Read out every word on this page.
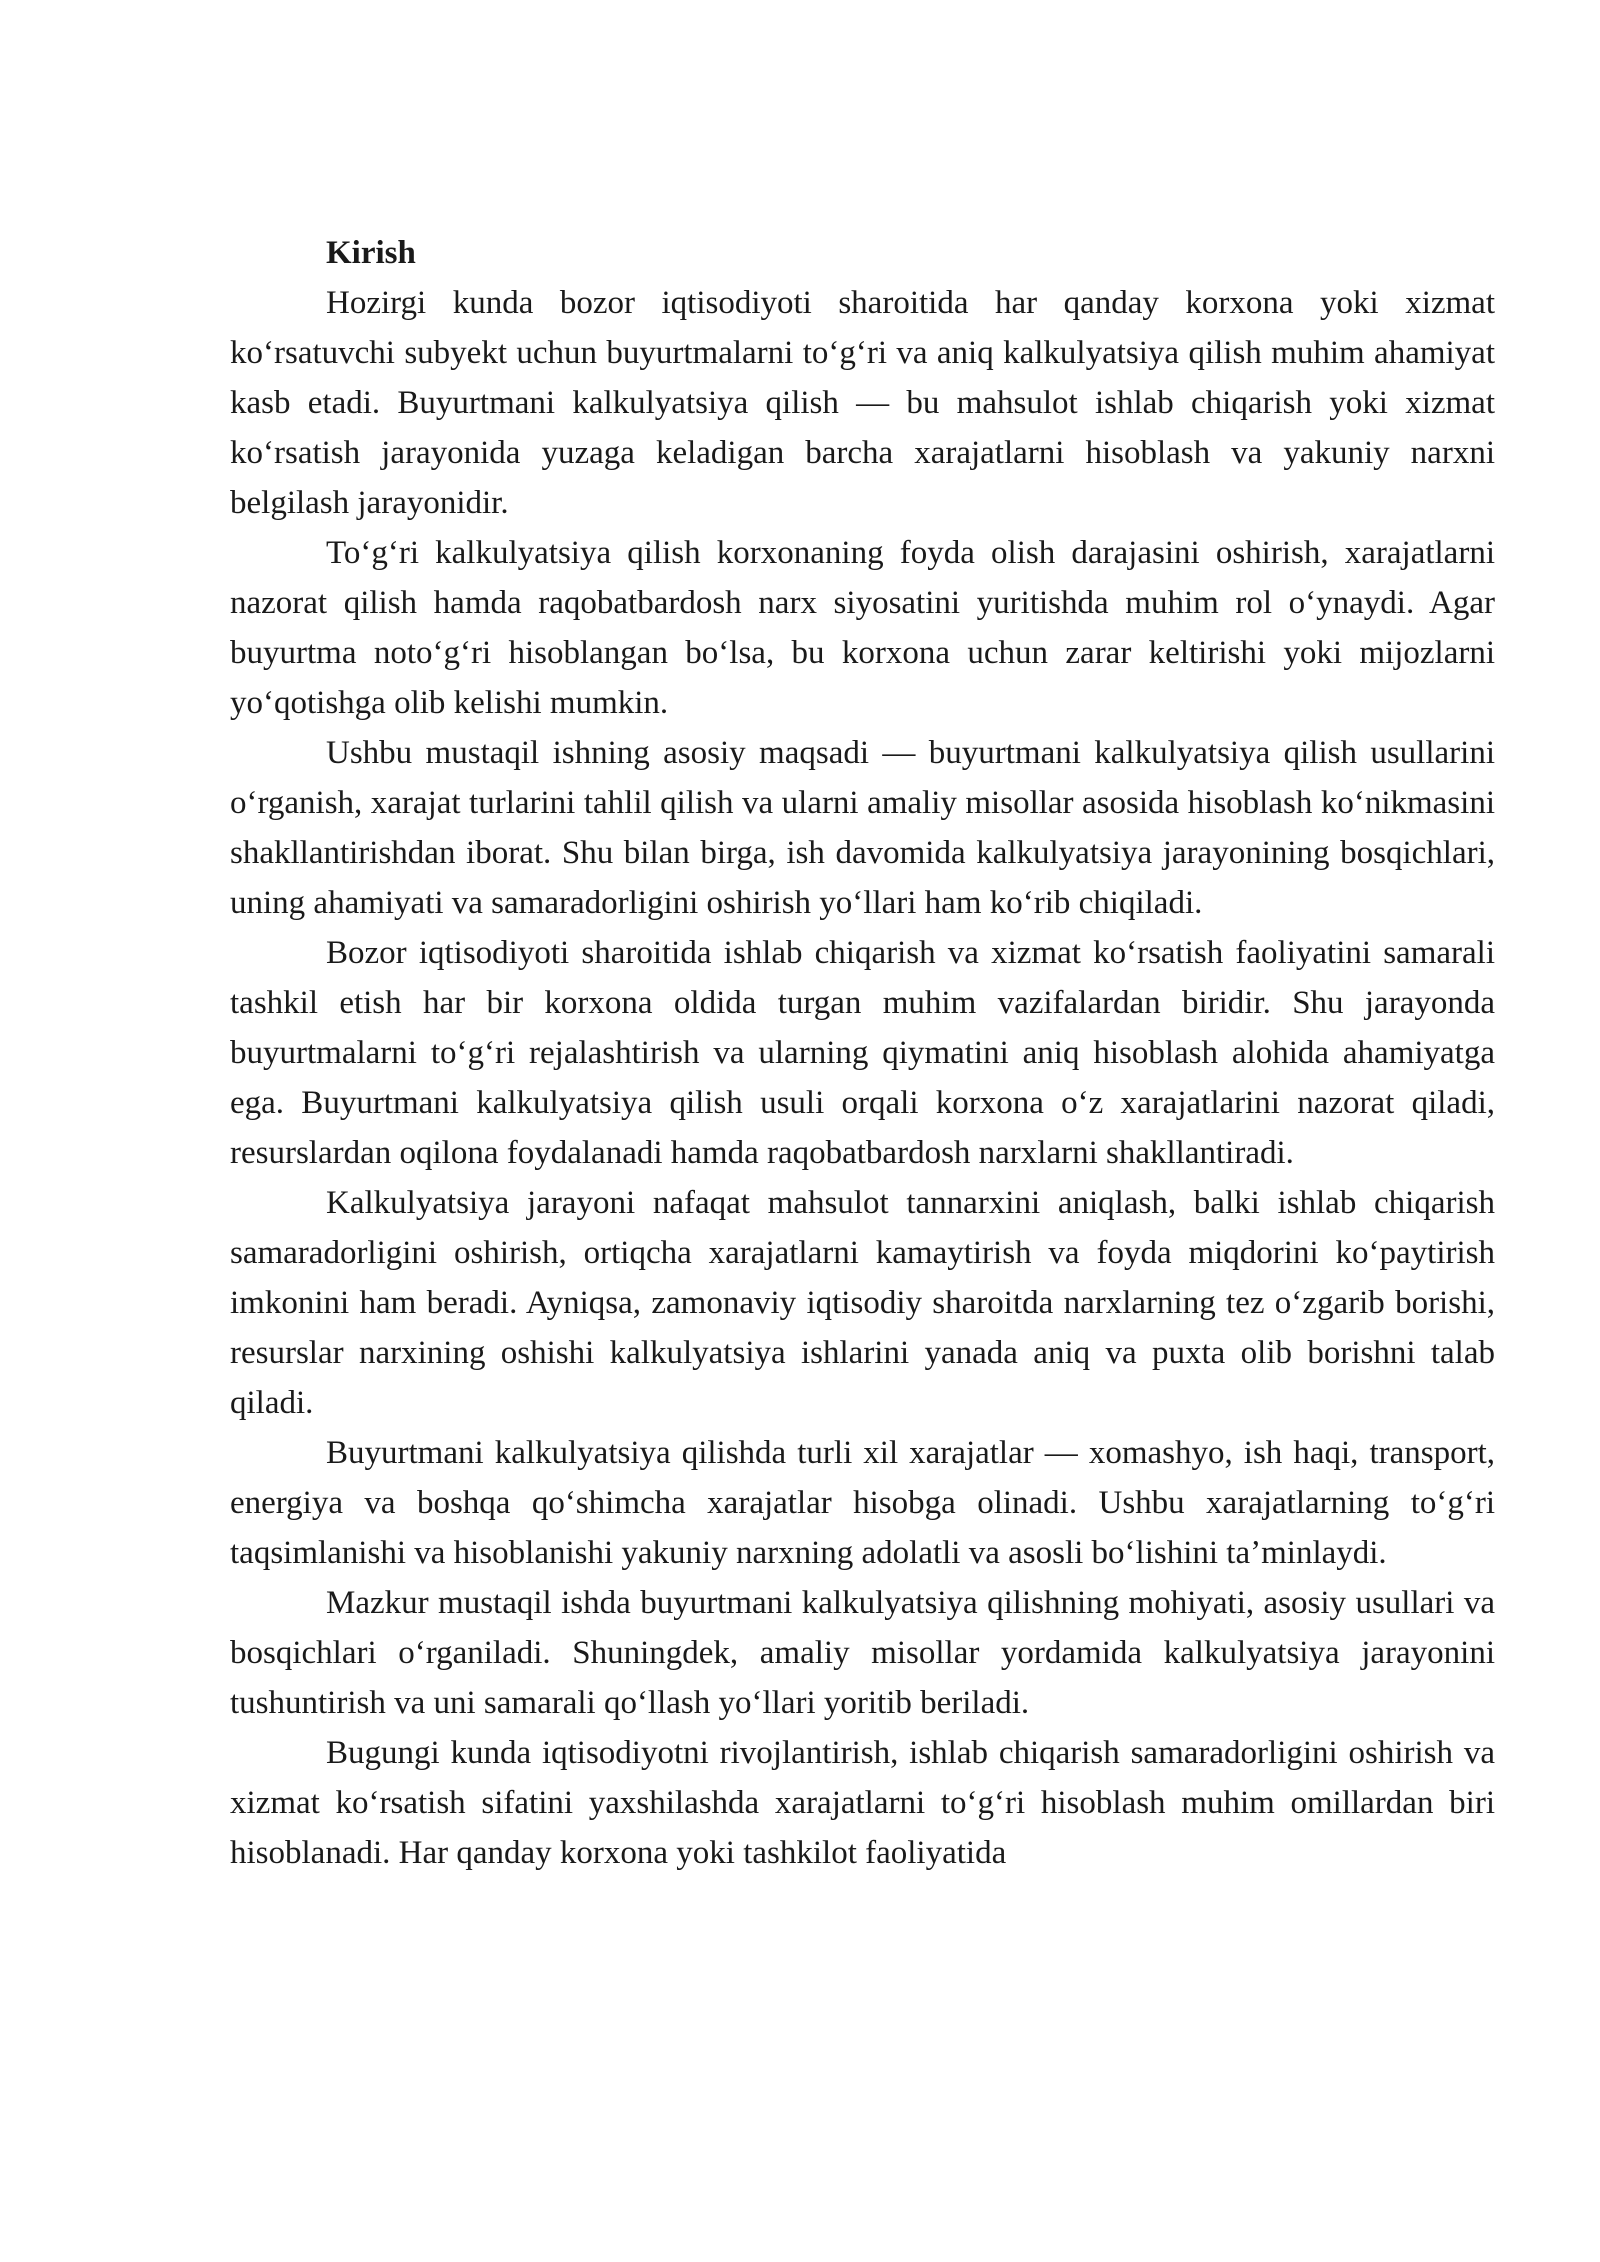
Kirish

Hozirgi kunda bozor iqtisodiyoti sharoitida har qanday korxona yoki xizmat koʻrsatuvchi subyekt uchun buyurtmalarni toʻgʻri va aniq kalkulyatsiya qilish muhim ahamiyat kasb etadi. Buyurtmani kalkulyatsiya qilish — bu mahsulot ishlab chiqarish yoki xizmat koʻrsatish jarayonida yuzaga keladigan barcha xarajatlarni hisoblash va yakuniy narxni belgilash jarayonidir.

Toʻgʻri kalkulyatsiya qilish korxonaning foyda olish darajasini oshirish, xarajatlarni nazorat qilish hamda raqobatbardosh narx siyosatini yuritishda muhim rol oʻynaydi. Agar buyurtma notoʻgʻri hisoblangan boʻlsa, bu korxona uchun zarar keltirishi yoki mijozlarni yoʻqotishga olib kelishi mumkin.

Ushbu mustaqil ishning asosiy maqsadi — buyurtmani kalkulyatsiya qilish usullarini oʻrganish, xarajat turlarini tahlil qilish va ularni amaliy misollar asosida hisoblash koʻnikmasini shakllantirishdan iborat. Shu bilan birga, ish davomida kalkulyatsiya jarayonining bosqichlari, uning ahamiyati va samaradorligini oshirish yoʻllari ham koʻrib chiqiladi.

Bozor iqtisodiyoti sharoitida ishlab chiqarish va xizmat koʻrsatish faoliyatini samarali tashkil etish har bir korxona oldida turgan muhim vazifalardan biridir. Shu jarayonda buyurtmalarni toʻgʻri rejalashtirish va ularning qiymatini aniq hisoblash alohida ahamiyatga ega. Buyurtmani kalkulyatsiya qilish usuli orqali korxona oʻz xarajatlarini nazorat qiladi, resurslardan oqilona foydalanadi hamda raqobatbardosh narxlarni shakllantiradi.

Kalkulyatsiya jarayoni nafaqat mahsulot tannarxini aniqlash, balki ishlab chiqarish samaradorligini oshirish, ortiqcha xarajatlarni kamaytirish va foyda miqdorini koʻpaytirish imkonini ham beradi. Ayniqsa, zamonaviy iqtisodiy sharoitda narxlarning tez oʻzgarib borishi, resurslar narxining oshishi kalkulyatsiya ishlarini yanada aniq va puxta olib borishni talab qiladi.

Buyurtmani kalkulyatsiya qilishda turli xil xarajatlar — xomashyo, ish haqi, transport, energiya va boshqa qoʻshimcha xarajatlar hisobga olinadi. Ushbu xarajatlarning toʻgʻri taqsimlanishi va hisoblanishi yakuniy narxning adolatli va asosli boʻlishini taʼminlaydi.

Mazkur mustaqil ishda buyurtmani kalkulyatsiya qilishning mohiyati, asosiy usullari va bosqichlari oʻrganiladi. Shuningdek, amaliy misollar yordamida kalkulyatsiya jarayonini tushuntirish va uni samarali qoʻllash yoʻllari yoritib beriladi.

Bugungi kunda iqtisodiyotni rivojlantirish, ishlab chiqarish samaradorligini oshirish va xizmat koʻrsatish sifatini yaxshilashda xarajatlarni toʻgʻri hisoblash muhim omillardan biri hisoblanadi. Har qanday korxona yoki tashkilot faoliyatida
